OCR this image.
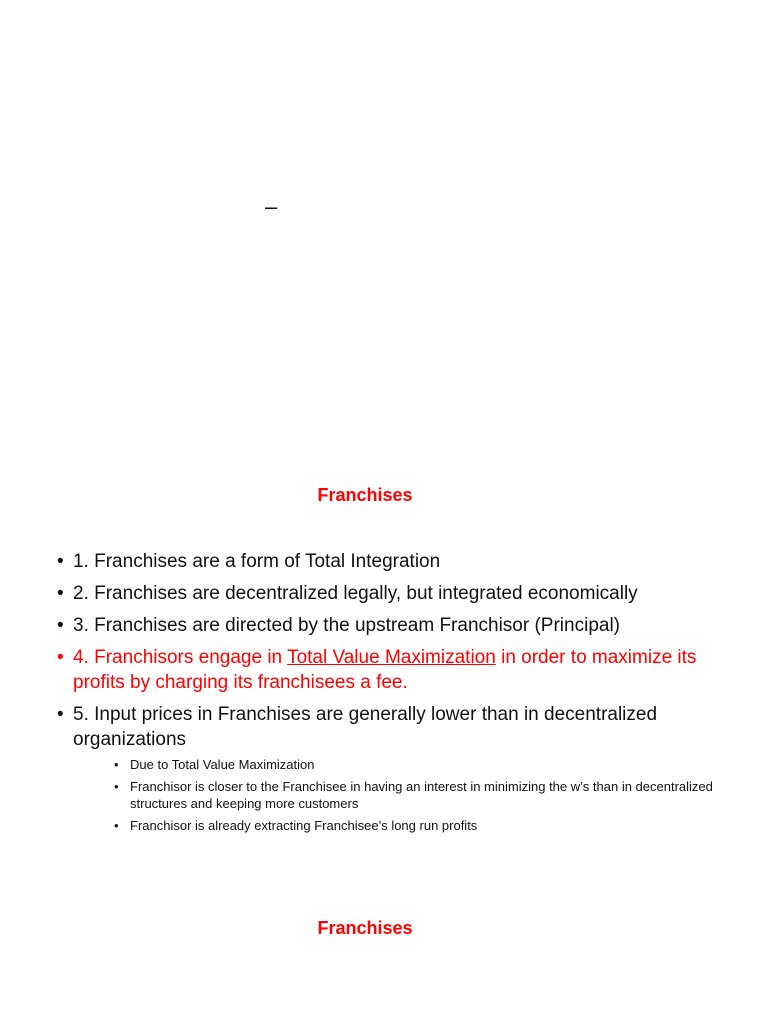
–
Franchises
• 1. Franchises are a form of Total Integration
• 2. Franchises are decentralized legally, but integrated economically
• 3. Franchises are directed by the upstream Franchisor (Principal)
• 4. Franchisors engage in Total Value Maximization in order to maximize its profits by charging its franchisees a fee.
• 5. Input prices in Franchises are generally lower than in decentralized organizations
• Due to Total Value Maximization
• Franchisor is closer to the Franchisee in having an interest in minimizing the w’s than in decentralized structures and keeping more customers
• Franchisor is already extracting Franchisee’s long run profits
Franchises
